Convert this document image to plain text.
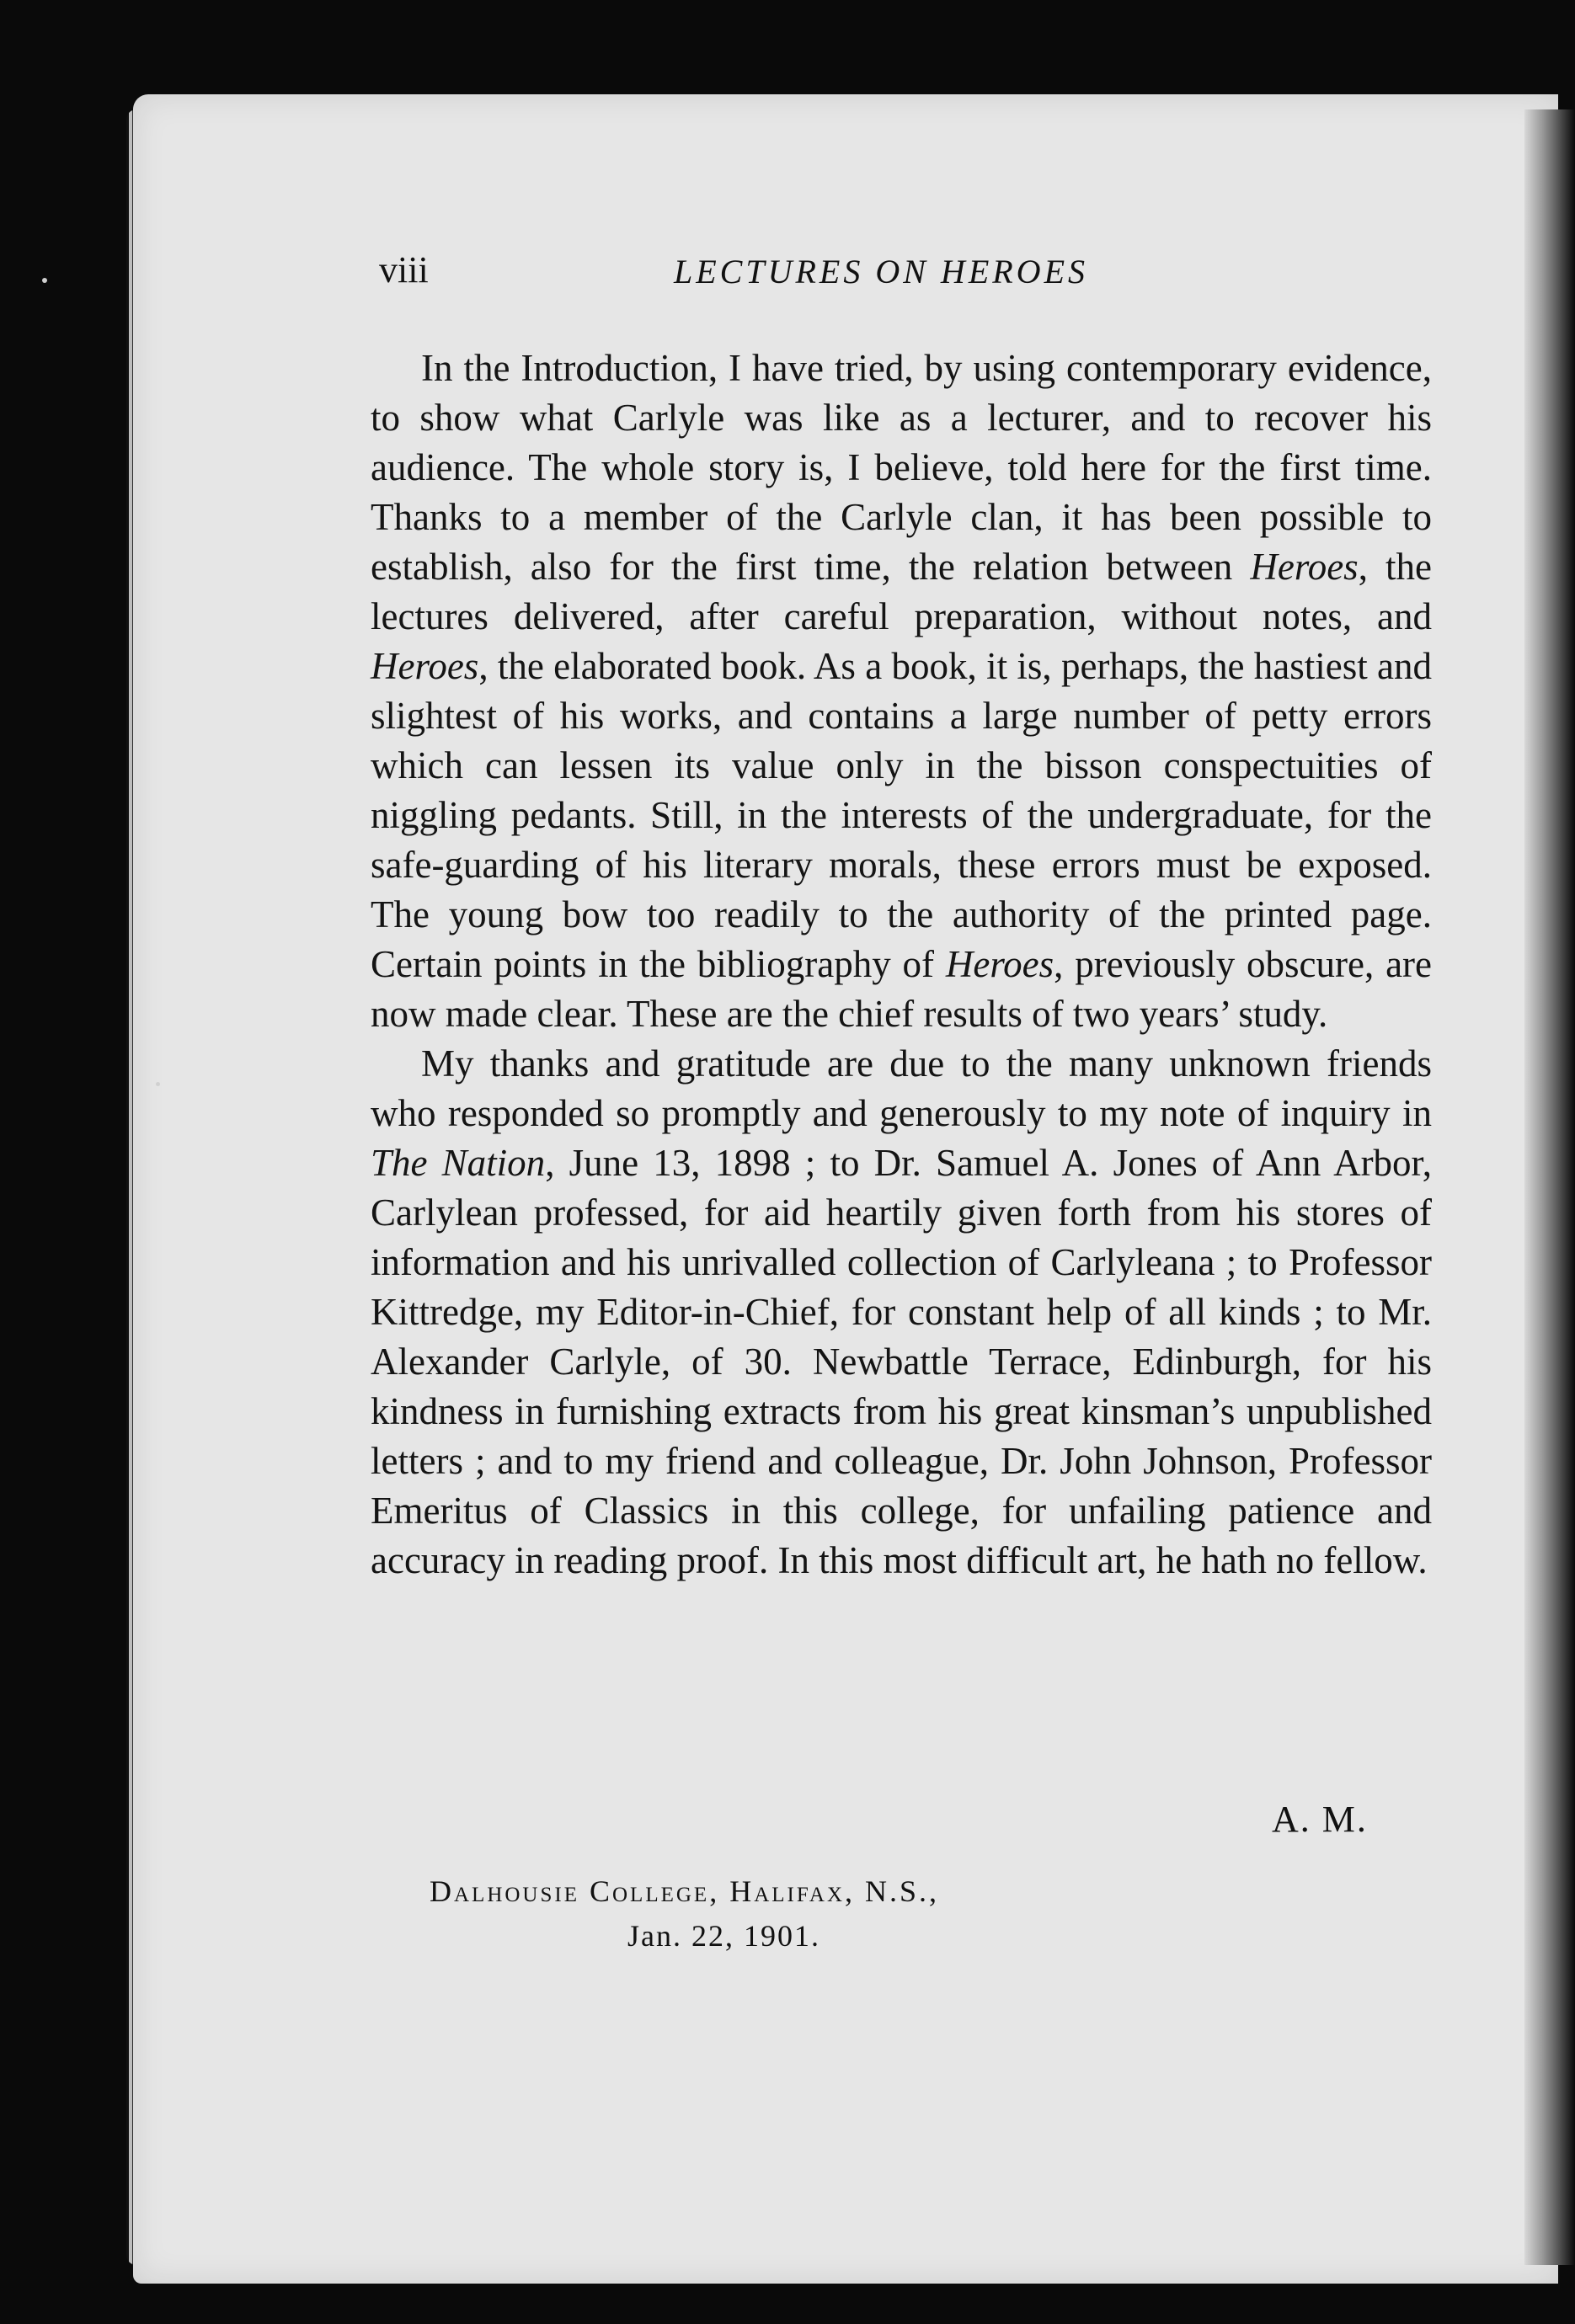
viii	LECTURES ON HEROES

In the Introduction, I have tried, by using contemporary evidence, to show what Carlyle was like as a lecturer, and to recover his audience. The whole story is, I believe, told here for the first time. Thanks to a member of the Carlyle clan, it has been possible to establish, also for the first time, the relation between Heroes, the lectures delivered, after careful preparation, without notes, and Heroes, the elaborated book. As a book, it is, perhaps, the hastiest and slightest of his works, and contains a large number of petty errors which can lessen its value only in the bisson conspectuities of niggling pedants. Still, in the interests of the undergraduate, for the safe-guarding of his literary morals, these errors must be exposed. The young bow too readily to the authority of the printed page. Certain points in the bibliography of Heroes, previously obscure, are now made clear. These are the chief results of two years’ study.

My thanks and gratitude are due to the many unknown friends who responded so promptly and generously to my note of inquiry in The Nation, June 13, 1898 ; to Dr. Samuel A. Jones of Ann Arbor, Carlylean professed, for aid heartily given forth from his stores of information and his unrivalled collection of Carlyleana ; to Professor Kittredge, my Editor-in-Chief, for constant help of all kinds ; to Mr. Alexander Carlyle, of 30. Newbattle Terrace, Edinburgh, for his kindness in furnishing extracts from his great kinsman’s unpublished letters ; and to my friend and colleague, Dr. John Johnson, Professor Emeritus of Classics in this college, for unfailing patience and accuracy in reading proof. In this most difficult art, he hath no fellow.

A. M.
Dalhousie College, Halifax, N.S.,
Jan. 22, 1901.
